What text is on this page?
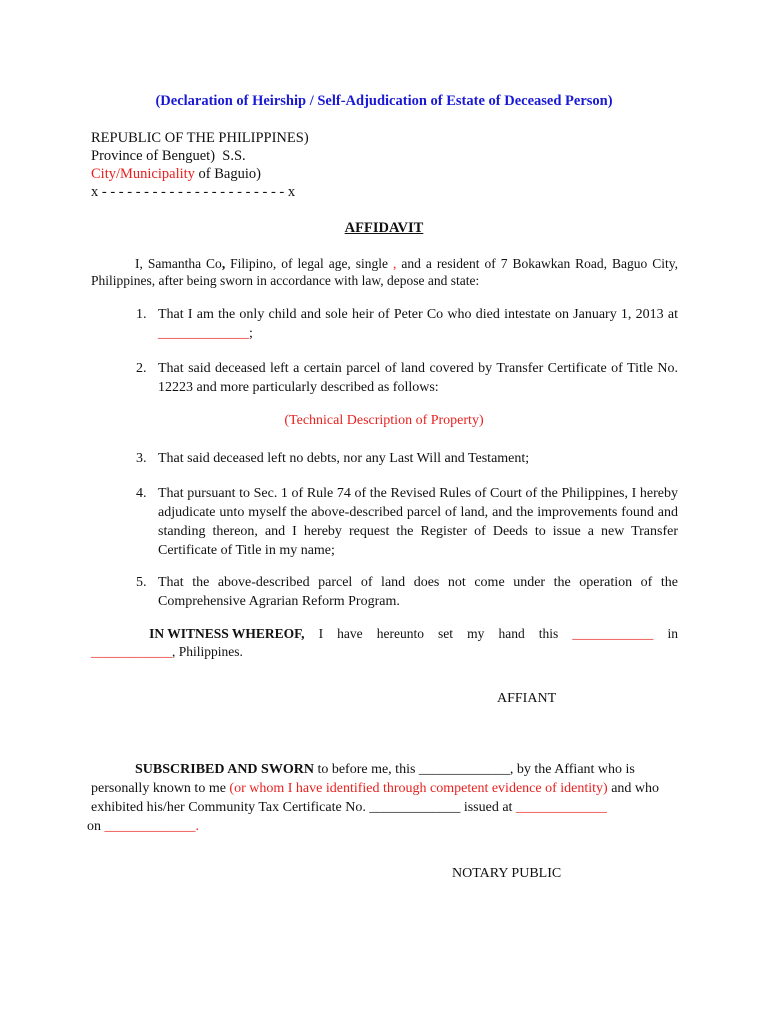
(Declaration of Heirship / Self-Adjudication of Estate of Deceased Person)
REPUBLIC OF THE PHILIPPINES)
Province of Benguet)  S.S.
City/Municipality of Baguio)
x - - - - - - - - - - - - - - - - - - - - - - x
AFFIDAVIT
I, Samantha Co, Filipino, of legal age, single , and a resident of 7 Bokawkan Road, Baguo City, Philippines, after being sworn in accordance with law, depose and state:
1. That I am the only child and sole heir of Peter Co who died intestate on January 1, 2013 at _____________;
2. That said deceased left a certain parcel of land covered by Transfer Certificate of Title No. 12223 and more particularly described as follows:
(Technical Description of Property)
3. That said deceased left no debts, nor any Last Will and Testament;
4. That pursuant to Sec. 1 of Rule 74 of the Revised Rules of Court of the Philippines, I hereby adjudicate unto myself the above-described parcel of land, and the improvements found and standing thereon, and I hereby request the Register of Deeds to issue a new Transfer Certificate of Title in my name;
5. That the above-described parcel of land does not come under the operation of the Comprehensive Agrarian Reform Program.
IN WITNESS WHEREOF, I have hereunto set my hand this ____________ in
____________, Philippines.
AFFIANT
SUBSCRIBED AND SWORN to before me, this _____________, by the Affiant who is personally known to me (or whom I have identified through competent evidence of identity) and who exhibited his/her Community Tax Certificate No. _____________ issued at _____________
on _____________.
NOTARY PUBLIC
